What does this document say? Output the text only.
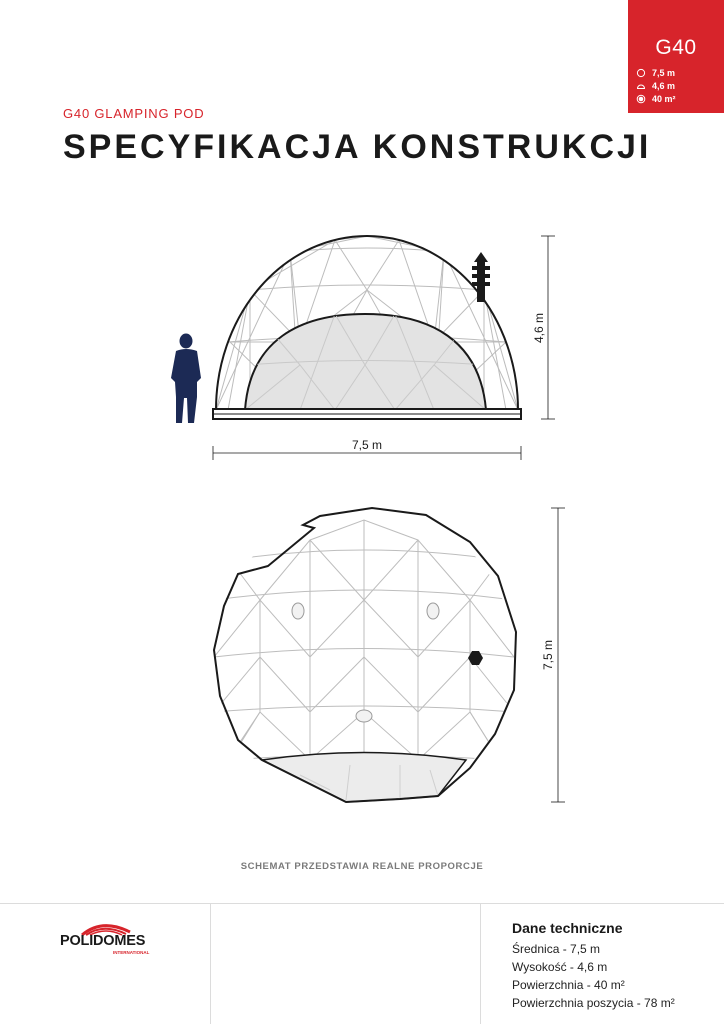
G40
7,5 m
4,6 m
40 m²
G40 GLAMPING POD
SPECYFIKACJA KONSTRUKCJI
7,5 m
4,6 m
7,5 m
SCHEMAT PRZEDSTAWIA REALNE PROPORCJE
POLIDOMES
INTERNATIONAL
Dane techniczne
Średnica - 7,5 m
Wysokość - 4,6 m
Powierzchnia - 40 m²
Powierzchnia poszycia - 78 m²
